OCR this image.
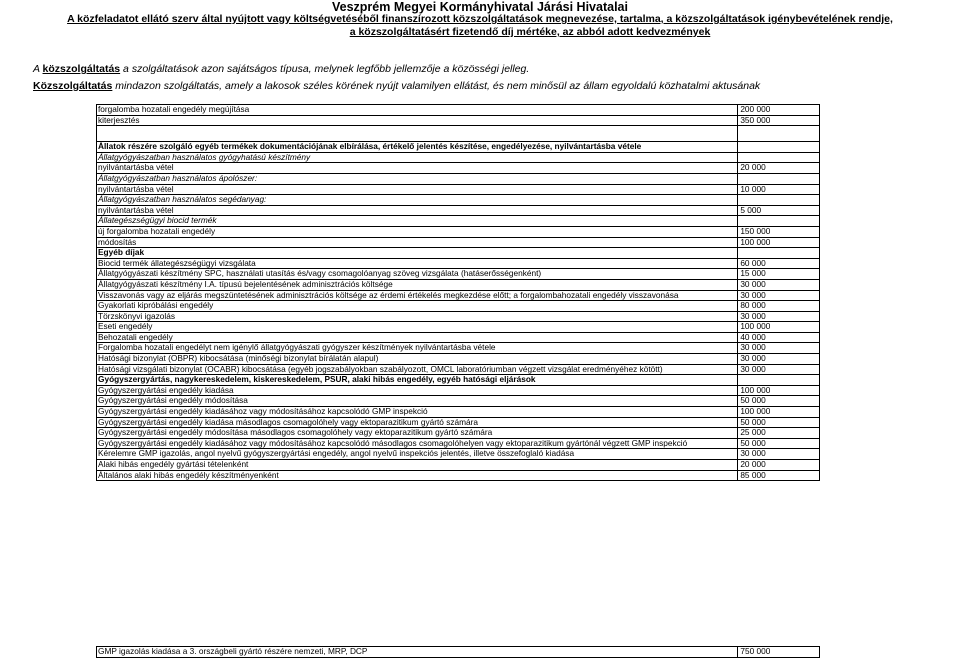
Veszprém Megyei Kormányhivatal Járási Hivatalai
A közfeladatot ellátó szerv által nyújtott vagy költségvetéséből finanszírozott közszolgáltatások megnevezése, tartalma, a közszolgáltatások igénybevételének rendje,
a közszolgáltatásért fizetendő díj mértéke, az abból adott kedvezmények
A közszolgáltatás a szolgáltatások azon sajátságos típusa, melynek legfőbb jellemzője a közösségi jelleg.
Közszolgáltatás mindazon szolgáltatás, amely a lakosok széles körének nyújt valamilyen ellátást, és nem minősül az állam egyoldalú közhatalmi aktusának
forgalomba hozatali engedély megújítása	200 000
kiterjesztés	350 000

Állatok részére szolgáló egyéb termékek dokumentációjának elbírálása, értékelő jelentés készítése, engedélyezése, nyilvántartásba vétele	
Állatgyógyászatban használatos gyógyhatású készítmény	
nyilvántartásba vétel	20 000
Állatgyógyászatban használatos ápolószer:	
nyilvántartásba vétel	10 000
Állatgyógyászatban használatos segédanyag:	
nyilvántartásba vétel	5 000
Állategészségügyi biocid termék	
új forgalomba hozatali engedély	150 000
módosítás	100 000
Egyéb díjak	
Biocid termék állategészségügyi vizsgálata	60 000
Állatgyógyászati készítmény SPC, használati utasítás és/vagy csomagolóanyag szöveg vizsgálata (hatáserősségenként)	15 000
Állatgyógyászati készítmény I.A. típusú bejelentésének adminisztrációs költsége	30 000
Visszavonás vagy az eljárás megszüntetésének adminisztrációs költsége az érdemi értékelés megkezdése előtt; a forgalombahozatali engedély visszavonása	30 000
Gyakorlati kipróbálási engedély	80 000
Törzskönyvi igazolás	30 000
Eseti engedély	100 000
Behozatali engedély	40 000
Forgalomba hozatali engedélyt nem igénylő állatgyógyászati gyógyszer készítmények nyilvántartásba vétele	30 000
Hatósági bizonylat (OBPR) kibocsátása (minőségi bizonylat bírálatán alapul)	30 000
Hatósági vizsgálati bizonylat (OCABR) kibocsátása (egyéb jogszabályokban szabályozott, OMCL laboratóriumban végzett vizsgálat eredményéhez kötött)	30 000
Gyógyszergyártás, nagykereskedelem, kiskereskedelem, PSUR, alaki hibás engedély, egyéb hatósági eljárások	
Gyógyszergyártási engedély kiadása	100 000
Gyógyszergyártási engedély módosítása	50 000
Gyógyszergyártási engedély kiadásához vagy módosításához kapcsolódó GMP inspekció	100 000
Gyógyszergyártási engedély kiadása másodlagos csomagolóhely vagy ektoparazitikum gyártó számára	50 000
Gyógyszergyártási engedély módosítása másodlagos csomagolóhely vagy ektoparazitikum gyártó számára	25 000
Gyógyszergyártási engedély kiadásához vagy módosításához kapcsolódó másodlagos csomagolóhelyen vagy ektoparazitikum gyártónál végzett GMP inspekció	50 000
Kérelemre GMP igazolás, angol nyelvű gyógyszergyártási engedély, angol nyelvű inspekciós jelentés, illetve összefoglaló kiadása	30 000
Alaki hibás engedély gyártási tételenként	20 000
Általános alaki hibás engedély készítményenként	85 000
GMP igazolás kiadása a 3. országbeli gyártó részére nemzeti, MRP, DCP	750 000
